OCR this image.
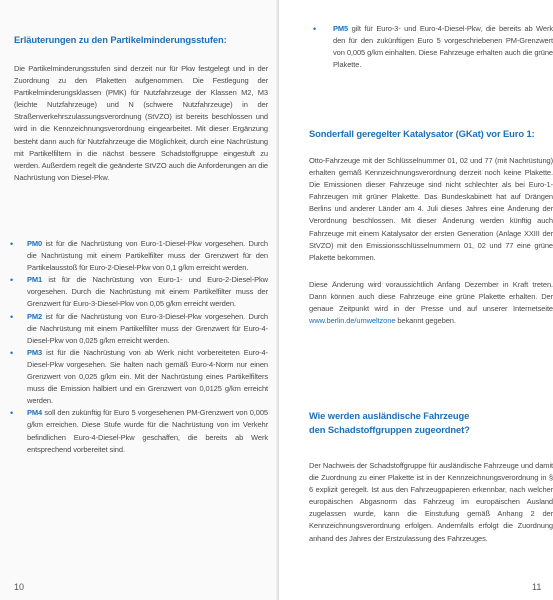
Erläuterungen zu den Partikelminderungsstufen:

Die Partikelminderungsstufen sind derzeit nur für Pkw festgelegt und in der Zuordnung zu den Plaketten aufgenommen. Die Festlegung der Partikelminderungsklassen (PMK) für Nutzfahrzeuge der Klassen M2, M3 (leichte Nutzfahrzeuge) und N (schwere Nutzfahrzeuge) in der Straßenverkehrszulassungsverordnung (StVZO) ist bereits beschlossen und wird in die Kennzeichnungsverordnung eingearbeitet. Mit dieser Ergänzung besteht dann auch für Nutzfahrzeuge die Möglichkeit, durch eine Nachrüstung mit Partikelfiltern in die nächst bessere Schadstoffgruppe eingestuft zu werden. Außerdem regelt die geänderte StVZO auch die Anforderungen an die Nachrüstung von Diesel-Pkw.

• PM0 ist für die Nachrüstung von Euro-1-Diesel-Pkw vorgesehen. Durch die Nachrüstung mit einem Partikelfilter muss der Grenzwert für den Partikelausstoß für Euro-2-Diesel-Pkw von 0,1 g/km erreicht werden.

• PM1 ist für die Nachrüstung von Euro-1- und Euro-2-Diesel-Pkw vorgesehen. Durch die Nachrüstung mit einem Partikelfilter muss der Grenzwert für Euro-3-Diesel-Pkw von 0,05 g/km erreicht werden.

• PM2 ist für die Nachrüstung von Euro-3-Diesel-Pkw vorgesehen. Durch die Nachrüstung mit einem Partikelfilter muss der Grenzwert für Euro-4-Diesel-Pkw von 0,025 g/km erreicht werden.

• PM3 ist für die Nachrüstung von ab Werk nicht vorbereiteten Euro-4-Diesel-Pkw vorgesehen. Sie halten nach gemäß Euro-4-Norm nur einen Grenzwert von 0,025 g/km ein. Mit der Nachrüstung eines Partikelfilters muss die Emission halbiert und ein Grenzwert von 0,0125 g/km erreicht werden.

• PM4 soll den zukünftig für Euro 5 vorgesehenen PM-Grenzwert von 0,005 g/km erreichen. Diese Stufe wurde für die Nachrüstung von im Verkehr befindlichen Euro-4-Diesel-Pkw geschaffen, die bereits ab Werk entsprechend vorbereitet sind.

10
• PM5 gilt für Euro-3- und Euro-4-Diesel-Pkw, die bereits ab Werk den für den zukünftigen Euro 5 vorgeschriebenen PM-Grenzwert von 0,005 g/km einhalten. Diese Fahrzeuge erhalten auch die grüne Plakette.

Sonderfall geregelter Katalysator (GKat) vor Euro 1:

Otto-Fahrzeuge mit der Schlüsselnummer 01, 02 und 77 (mit Nachrüstung) erhalten gemäß Kennzeichnungsverordnung derzeit noch keine Plakette. Die Emissionen dieser Fahrzeuge sind nicht schlechter als bei Euro-1-Fahrzeugen mit grüner Plakette. Das Bundeskabinett hat auf Drängen Berlins und anderer Länder am 4. Juli dieses Jahres eine Änderung der Verordnung beschlossen. Mit dieser Änderung werden künftig auch Fahrzeuge mit einem Katalysator der ersten Generation (Anlage XXIII der StVZO) mit den Emissionsschlüsselnummern 01, 02 und 77 eine grüne Plakette bekommen.

Diese Änderung wird voraussichtlich Anfang Dezember in Kraft treten. Dann können auch diese Fahrzeuge eine grüne Plakette erhalten. Der genaue Zeitpunkt wird in der Presse und auf unserer Internetseite www.berlin.de/umweltzone bekannt gegeben.

Wie werden ausländische Fahrzeuge
den Schadstoffgruppen zugeordnet?

Der Nachweis der Schadstoffgruppe für ausländische Fahrzeuge und damit die Zuordnung zu einer Plakette ist in der Kennzeichnungsverordnung in § 6 explizit geregelt. Ist aus den Fahrzeugpapieren erkennbar, nach welcher europäischen Abgasnorm das Fahrzeug im europäischen Ausland zugelassen wurde, kann die Einstufung gemäß Anhang 2 der Kennzeichnungsverordnung erfolgen. Andernfalls erfolgt die Zuordnung anhand des Jahres der Erstzulassung des Fahrzeuges.

11
